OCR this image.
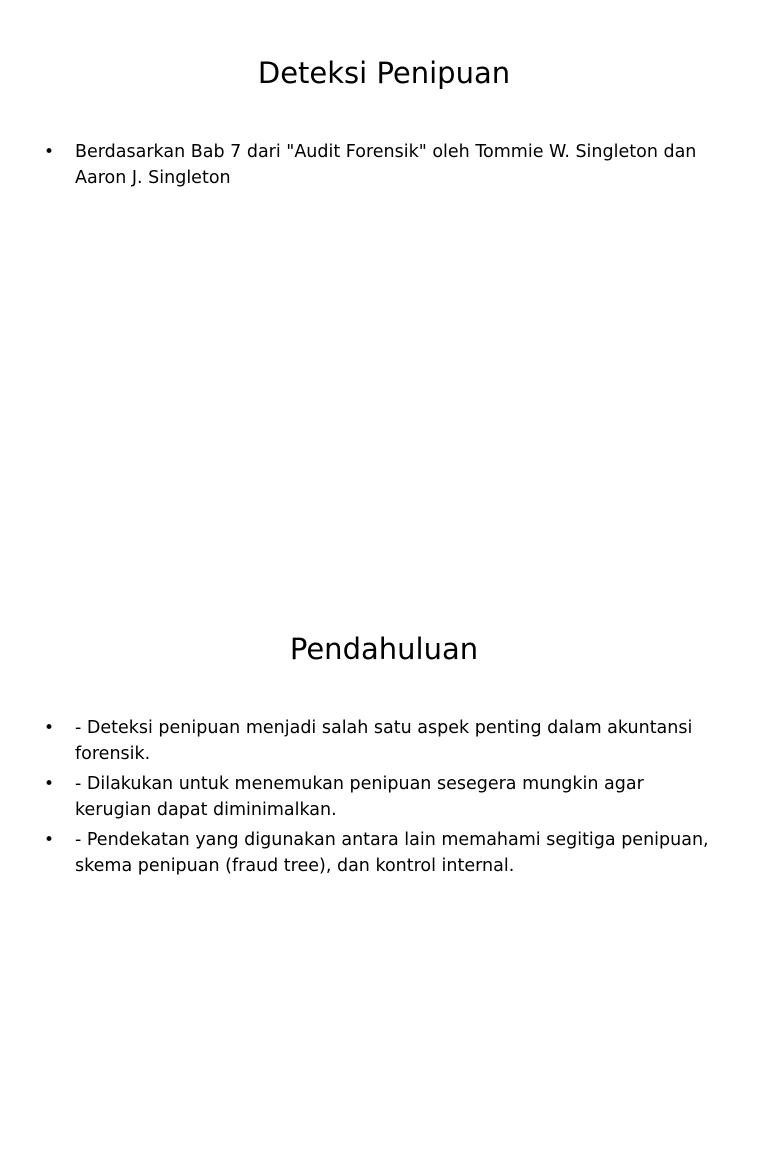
Deteksi Penipuan
• Berdasarkan Bab 7 dari "Audit Forensik" oleh Tommie W. Singleton dan Aaron J. Singleton
Pendahuluan
• - Deteksi penipuan menjadi salah satu aspek penting dalam akuntansi forensik.
• - Dilakukan untuk menemukan penipuan sesegera mungkin agar kerugian dapat diminimalkan.
• - Pendekatan yang digunakan antara lain memahami segitiga penipuan, skema penipuan (fraud tree), dan kontrol internal.
